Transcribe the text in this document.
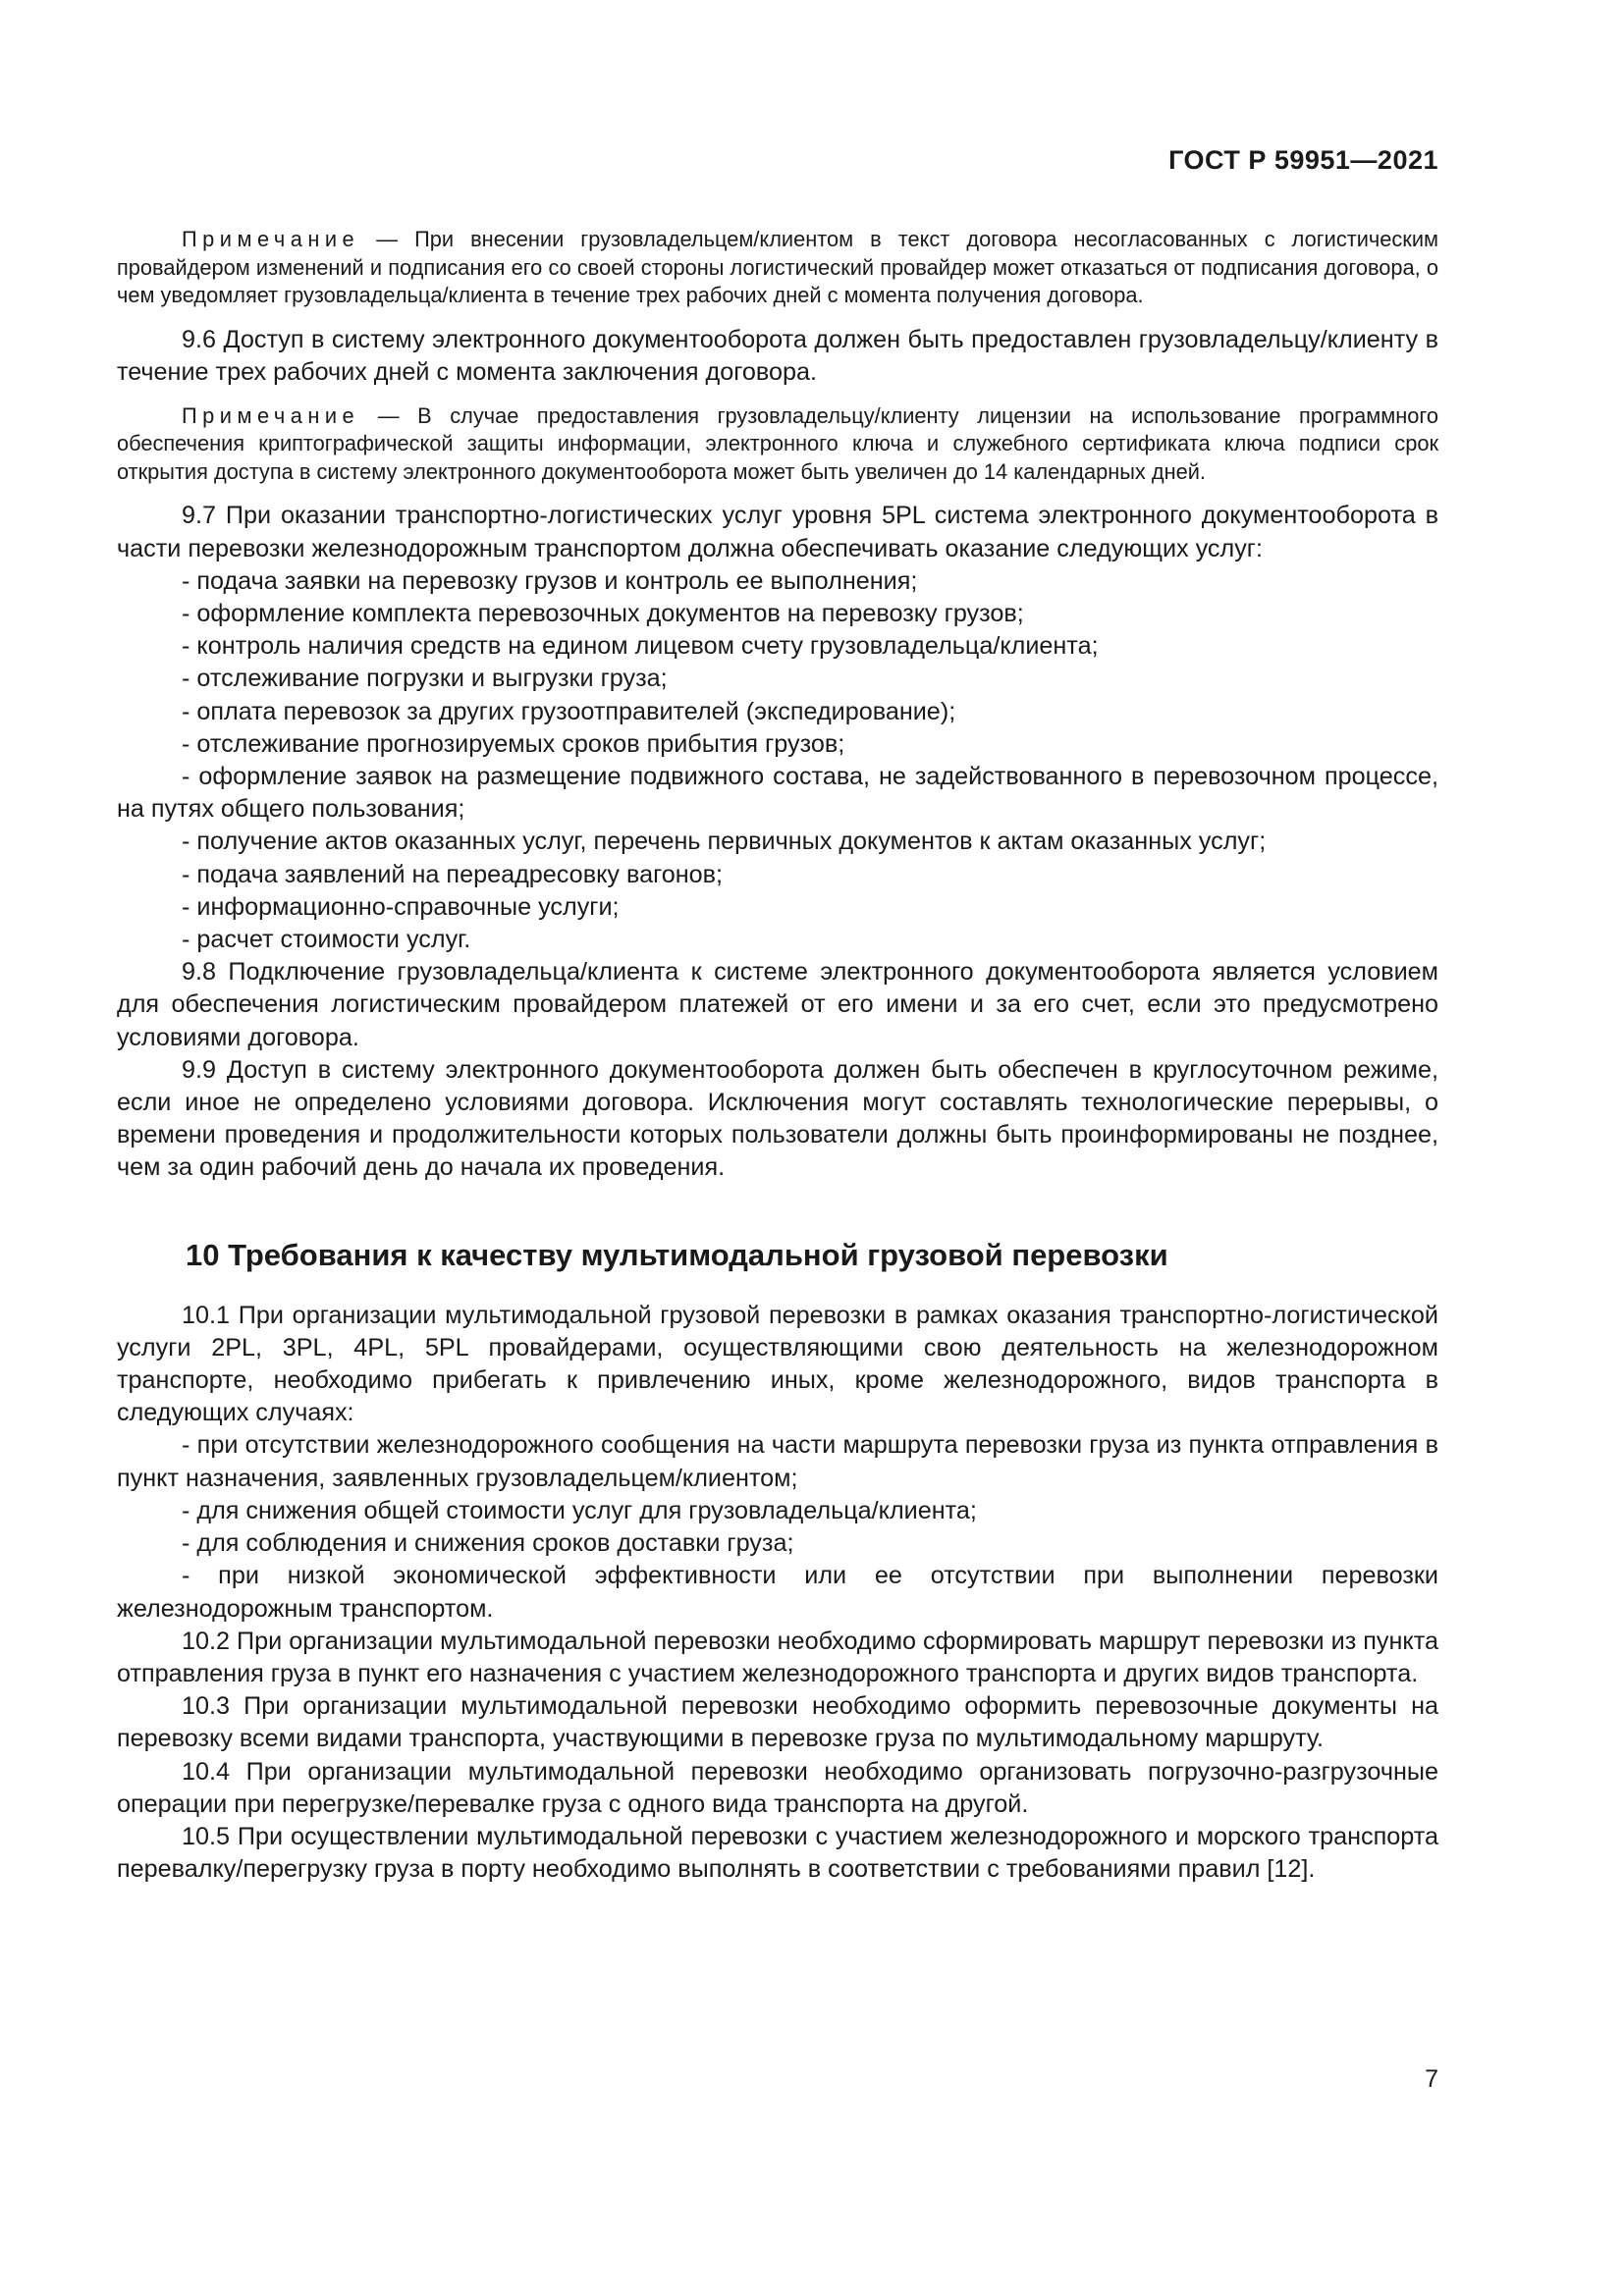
ГОСТ Р 59951—2021

Примечание — При внесении грузовладельцем/клиентом в текст договора несогласованных с логистическим провайдером изменений и подписания его со своей стороны логистический провайдер может отказаться от подписания договора, о чем уведомляет грузовладельца/клиента в течение трех рабочих дней с момента получения договора.

9.6 Доступ в систему электронного документооборота должен быть предоставлен грузовладельцу/клиенту в течение трех рабочих дней с момента заключения договора.

Примечание — В случае предоставления грузовладельцу/клиенту лицензии на использование программного обеспечения криптографической защиты информации, электронного ключа и служебного сертификата ключа подписи срок открытия доступа в систему электронного документооборота может быть увеличен до 14 календарных дней.

9.7 При оказании транспортно-логистических услуг уровня 5PL система электронного документооборота в части перевозки железнодорожным транспортом должна обеспечивать оказание следующих услуг:

- подача заявки на перевозку грузов и контроль ее выполнения;

- оформление комплекта перевозочных документов на перевозку грузов;

- контроль наличия средств на едином лицевом счету грузовладельца/клиента;

- отслеживание погрузки и выгрузки груза;

- оплата перевозок за других грузоотправителей (экспедирование);

- отслеживание прогнозируемых сроков прибытия грузов;

- оформление заявок на размещение подвижного состава, не задействованного в перевозочном процессе, на путях общего пользования;

- получение актов оказанных услуг, перечень первичных документов к актам оказанных услуг;

- подача заявлений на переадресовку вагонов;

- информационно-справочные услуги;

- расчет стоимости услуг.

9.8 Подключение грузовладельца/клиента к системе электронного документооборота является условием для обеспечения логистическим провайдером платежей от его имени и за его счет, если это предусмотрено условиями договора.

9.9 Доступ в систему электронного документооборота должен быть обеспечен в круглосуточном режиме, если иное не определено условиями договора. Исключения могут составлять технологические перерывы, о времени проведения и продолжительности которых пользователи должны быть проинформированы не позднее, чем за один рабочий день до начала их проведения.

10 Требования к качеству мультимодальной грузовой перевозки

10.1 При организации мультимодальной грузовой перевозки в рамках оказания транспортно-логистической услуги 2PL, 3PL, 4PL, 5PL провайдерами, осуществляющими свою деятельность на железнодорожном транспорте, необходимо прибегать к привлечению иных, кроме железнодорожного, видов транспорта в следующих случаях:

- при отсутствии железнодорожного сообщения на части маршрута перевозки груза из пункта отправления в пункт назначения, заявленных грузовладельцем/клиентом;

- для снижения общей стоимости услуг для грузовладельца/клиента;

- для соблюдения и снижения сроков доставки груза;

- при низкой экономической эффективности или ее отсутствии при выполнении перевозки железнодорожным транспортом.

10.2 При организации мультимодальной перевозки необходимо сформировать маршрут перевозки из пункта отправления груза в пункт его назначения с участием железнодорожного транспорта и других видов транспорта.

10.3 При организации мультимодальной перевозки необходимо оформить перевозочные документы на перевозку всеми видами транспорта, участвующими в перевозке груза по мультимодальному маршруту.

10.4 При организации мультимодальной перевозки необходимо организовать погрузочно-разгрузочные операции при перегрузке/перевалке груза с одного вида транспорта на другой.

10.5 При осуществлении мультимодальной перевозки с участием железнодорожного и морского транспорта перевалку/перегрузку груза в порту необходимо выполнять в соответствии с требованиями правил [12].

7
